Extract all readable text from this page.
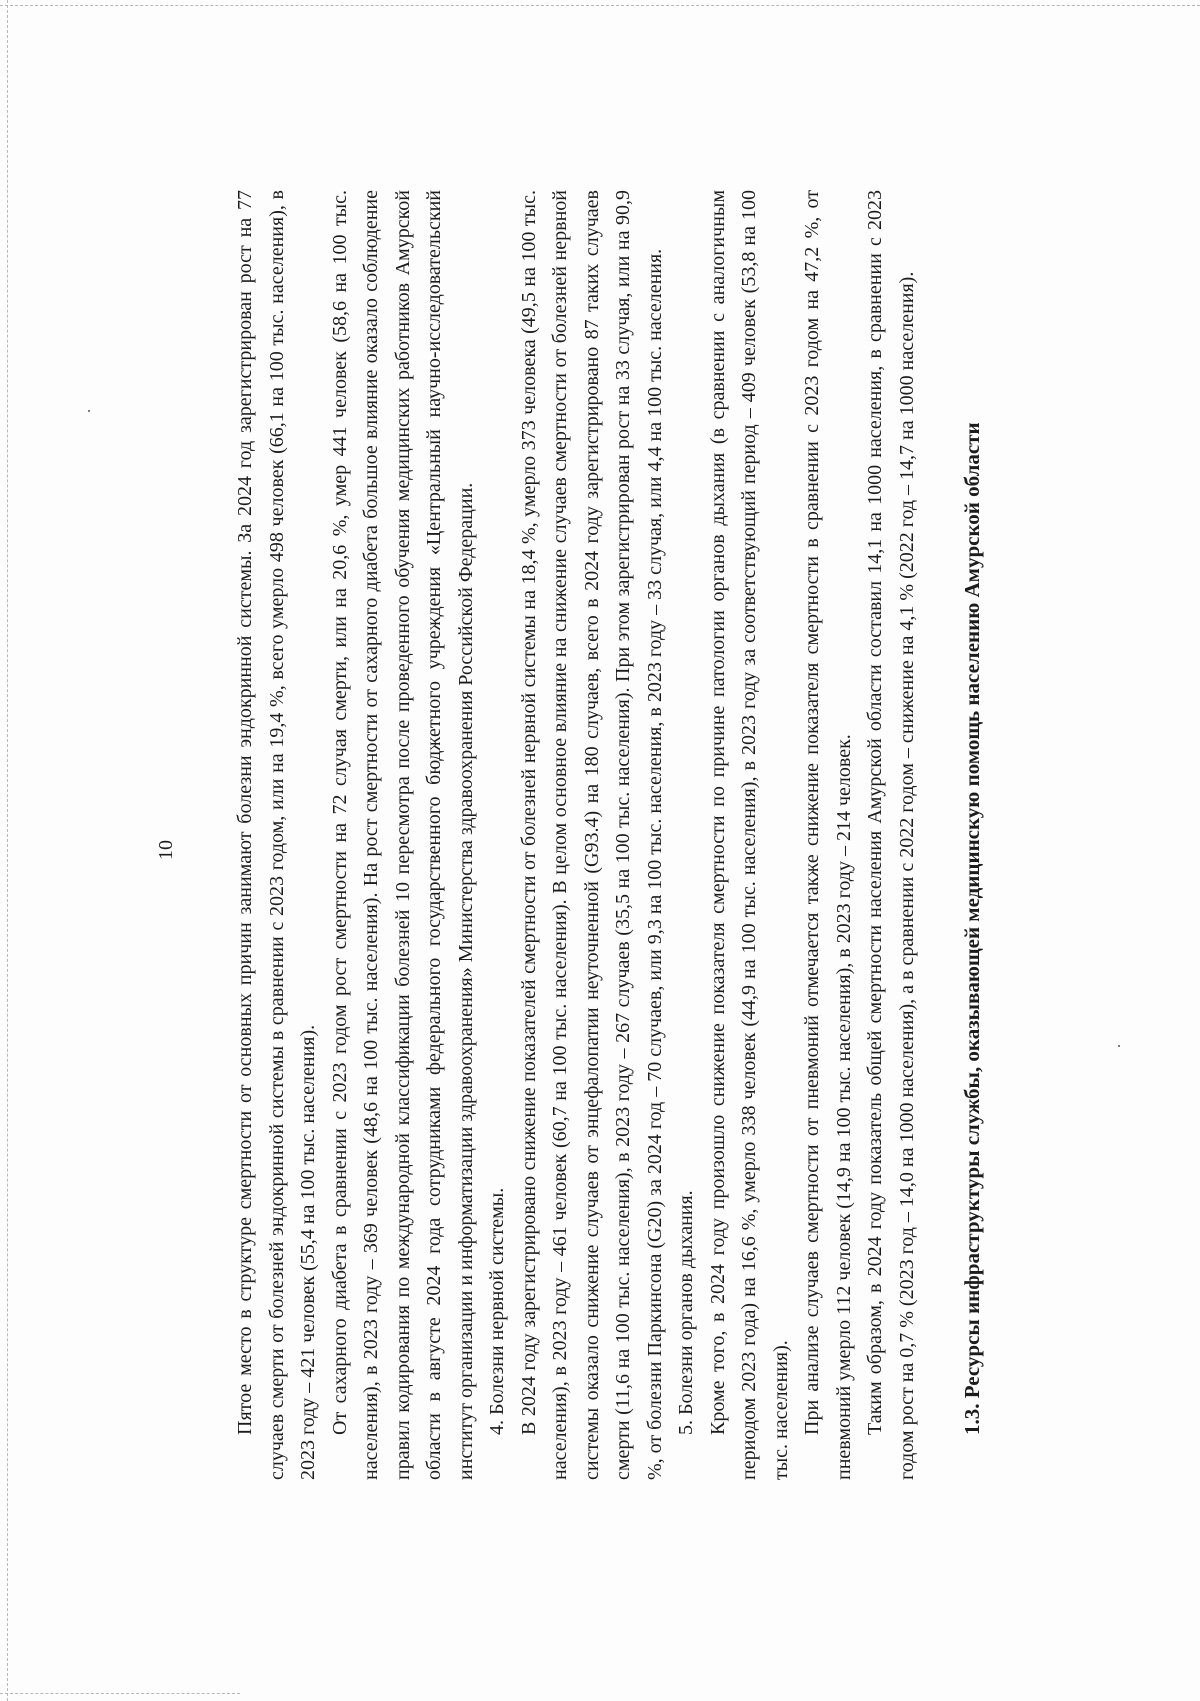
10	Пятое место в структуре смертности от основных причин занимают болезни эндокринной системы. За 2024 год зарегистрирован рост на 77 случаев смерти от болезней эндокринной системы в сравнении с 2023 годом, или на 19,4 %, всего умерло 498 человек (66,1 на 100 тыс. населения), в 2023 году – 421 человек (55,4 на 100 тыс. населения). От сахарного диабета в сравнении с 2023 годом рост смертности на 72 случая смерти, или на 20,6 %, умер 441 человек (58,6 на 100 тыс. населения), в 2023 году – 369 человек (48,6 на 100 тыс. населения). На рост смертности от сахарного диабета большое влияние оказало соблюдение правил кодирования по международной классификации болезней 10 пересмотра после проведенного обучения медицинских работников Амурской области в августе 2024 года сотрудниками федерального государственного бюджетного учреждения «Центральный научно-исследовательский институт организации и информатизации здравоохранения» Министерства здравоохранения Российской Федерации. 4. Болезни нервной системы. В 2024 году зарегистрировано снижение показателей смертности от болезней нервной системы на 18,4 %, умерло 373 человека (49,5 на 100 тыс. населения), в 2023 году – 461 человек (60,7 на 100 тыс. населения). В целом основное влияние на снижение случаев смертности от болезней нервной системы оказало снижение случаев от энцефалопатии неуточненной (G93.4) на 180 случаев, всего в 2024 году зарегистрировано 87 таких случаев смерти (11,6 на 100 тыс. населения), в 2023 году – 267 случаев (35,5 на 100 тыс. населения). При этом зарегистрирован рост на 33 случая, или на 90,9 %, от болезни Паркинсона (G20) за 2024 год – 70 случаев, или 9,3 на 100 тыс. населения, в 2023 году – 33 случая, или 4,4 на 100 тыс. населения. 5. Болезни органов дыхания. Кроме того, в 2024 году произошло снижение показателя смертности по причине патологии органов дыхания (в сравнении с аналогичным периодом 2023 года) на 16,6 %, умерло 338 человек (44,9 на 100 тыс. населения), в 2023 году за соответствующий период – 409 человек (53,8 на 100 тыс. населения). При анализе случаев смертности от пневмоний отмечается также снижение показателя смертности в сравнении с 2023 годом на 47,2 %, от пневмоний умерло 112 человек (14,9 на 100 тыс. населения), в 2023 году – 214 человек. Таким образом, в 2024 году показатель общей смертности населения Амурской области составил 14,1 на 1000 населения, в сравнении с 2023 годом рост на 0,7 % (2023 год – 14,0 на 1000 населения), а в сравнении с 2022 годом – снижение на 4,1 % (2022 год – 14,7 на 1000 населения). 1.3. Ресурсы инфраструктуры службы, оказывающей медицинскую помощь населению Амурской области
